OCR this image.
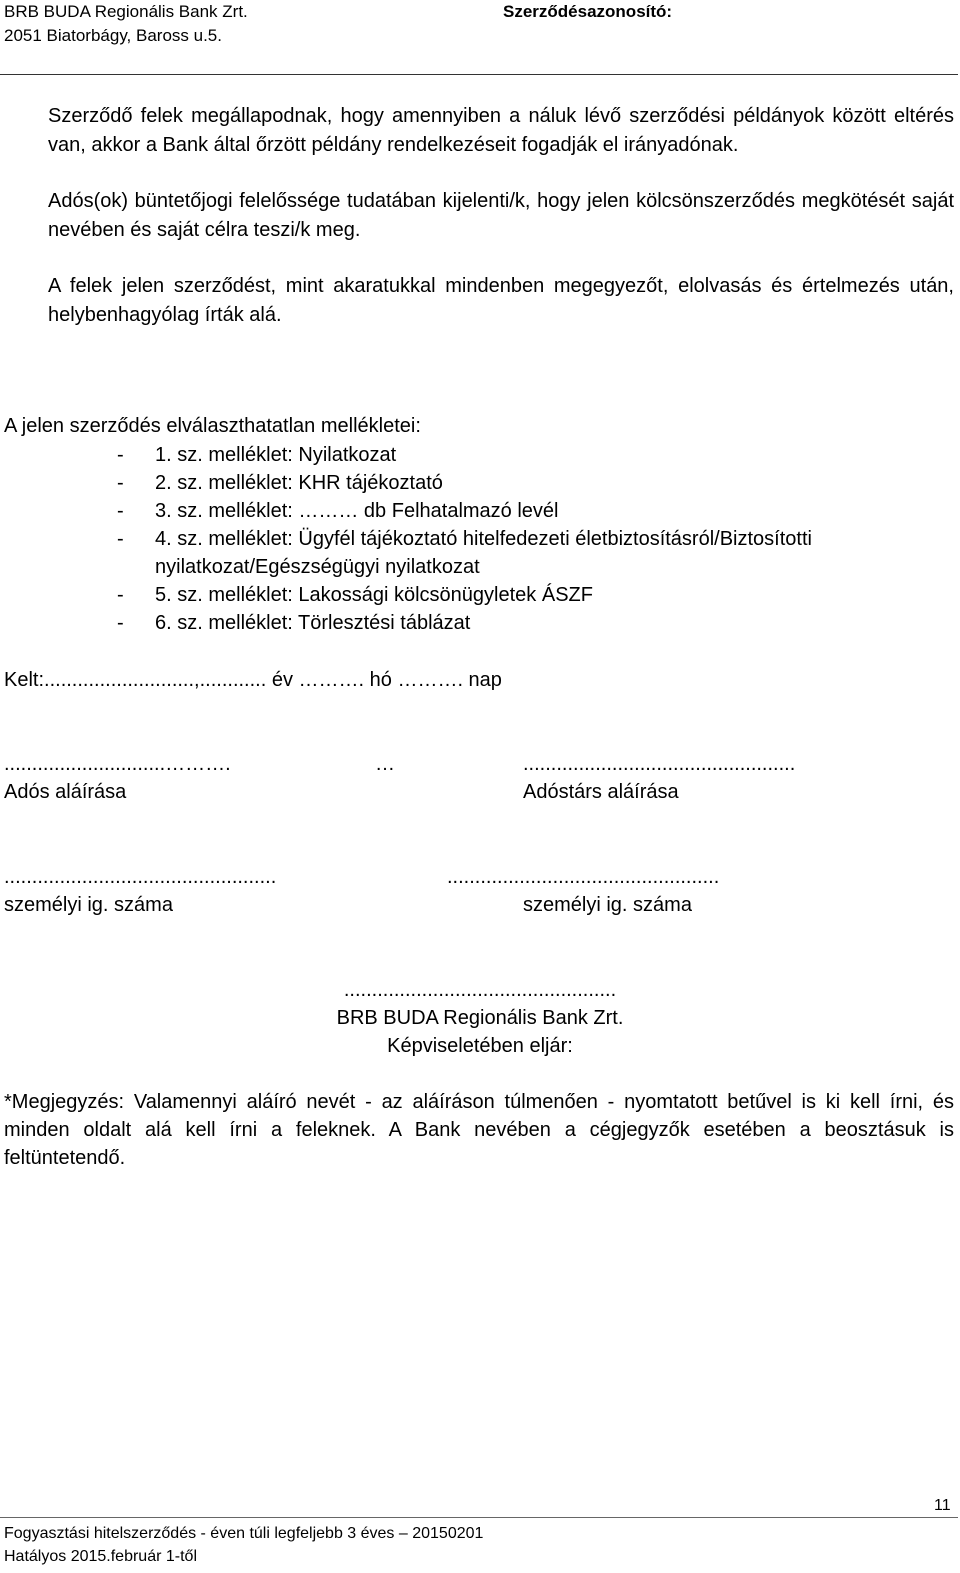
BRB BUDA Regionális Bank Zrt.
2051 Biatorbágy, Baross u.5.
Szerződésazonosító:
Szerződő felek megállapodnak, hogy amennyiben a náluk lévő szerződési példányok között eltérés van, akkor a Bank által őrzött példány rendelkezéseit fogadják el irányadónak.
Adós(ok) büntetőjogi felelőssége tudatában kijelenti/k, hogy jelen kölcsönszerződés megkötését saját nevében és saját célra teszi/k meg.
A felek jelen szerződést, mint akaratukkal mindenben megegyezőt, elolvasás és értelmezés után, helybenhagyólag írták alá.
A jelen szerződés elválaszthatatlan mellékletei:
- 1. sz. melléklet: Nyilatkozat
- 2. sz. melléklet: KHR tájékoztató
- 3. sz. melléklet: ……… db Felhatalmazó levél
- 4. sz. melléklet: Ügyfél tájékoztató hitelfedezeti életbiztosításról/Biztosítotti nyilatkozat/Egészségügyi nyilatkozat
- 5. sz. melléklet: Lakossági kölcsönügyletek ÁSZF
- 6. sz. melléklet: Törlesztési táblázat
Kelt:...........................,............ év ………. hó ………. nap
.............................……….	…	.................................................
Adós aláírása	Adóstárs aláírása
.................................................	.................................................
személyi ig. száma	személyi ig. száma
.................................................
BRB BUDA Regionális Bank Zrt.
Képviseletében eljár:
*Megjegyzés: Valamennyi aláíró nevét - az aláíráson túlmenően - nyomtatott betűvel is ki kell írni, és minden oldalt alá kell írni a feleknek. A Bank nevében a cégjegyzők esetében a beosztásuk is feltüntetendő.
11
Fogyasztási hitelszerződés - éven túli legfeljebb 3 éves – 20150201
Hatályos 2015.február 1-től
